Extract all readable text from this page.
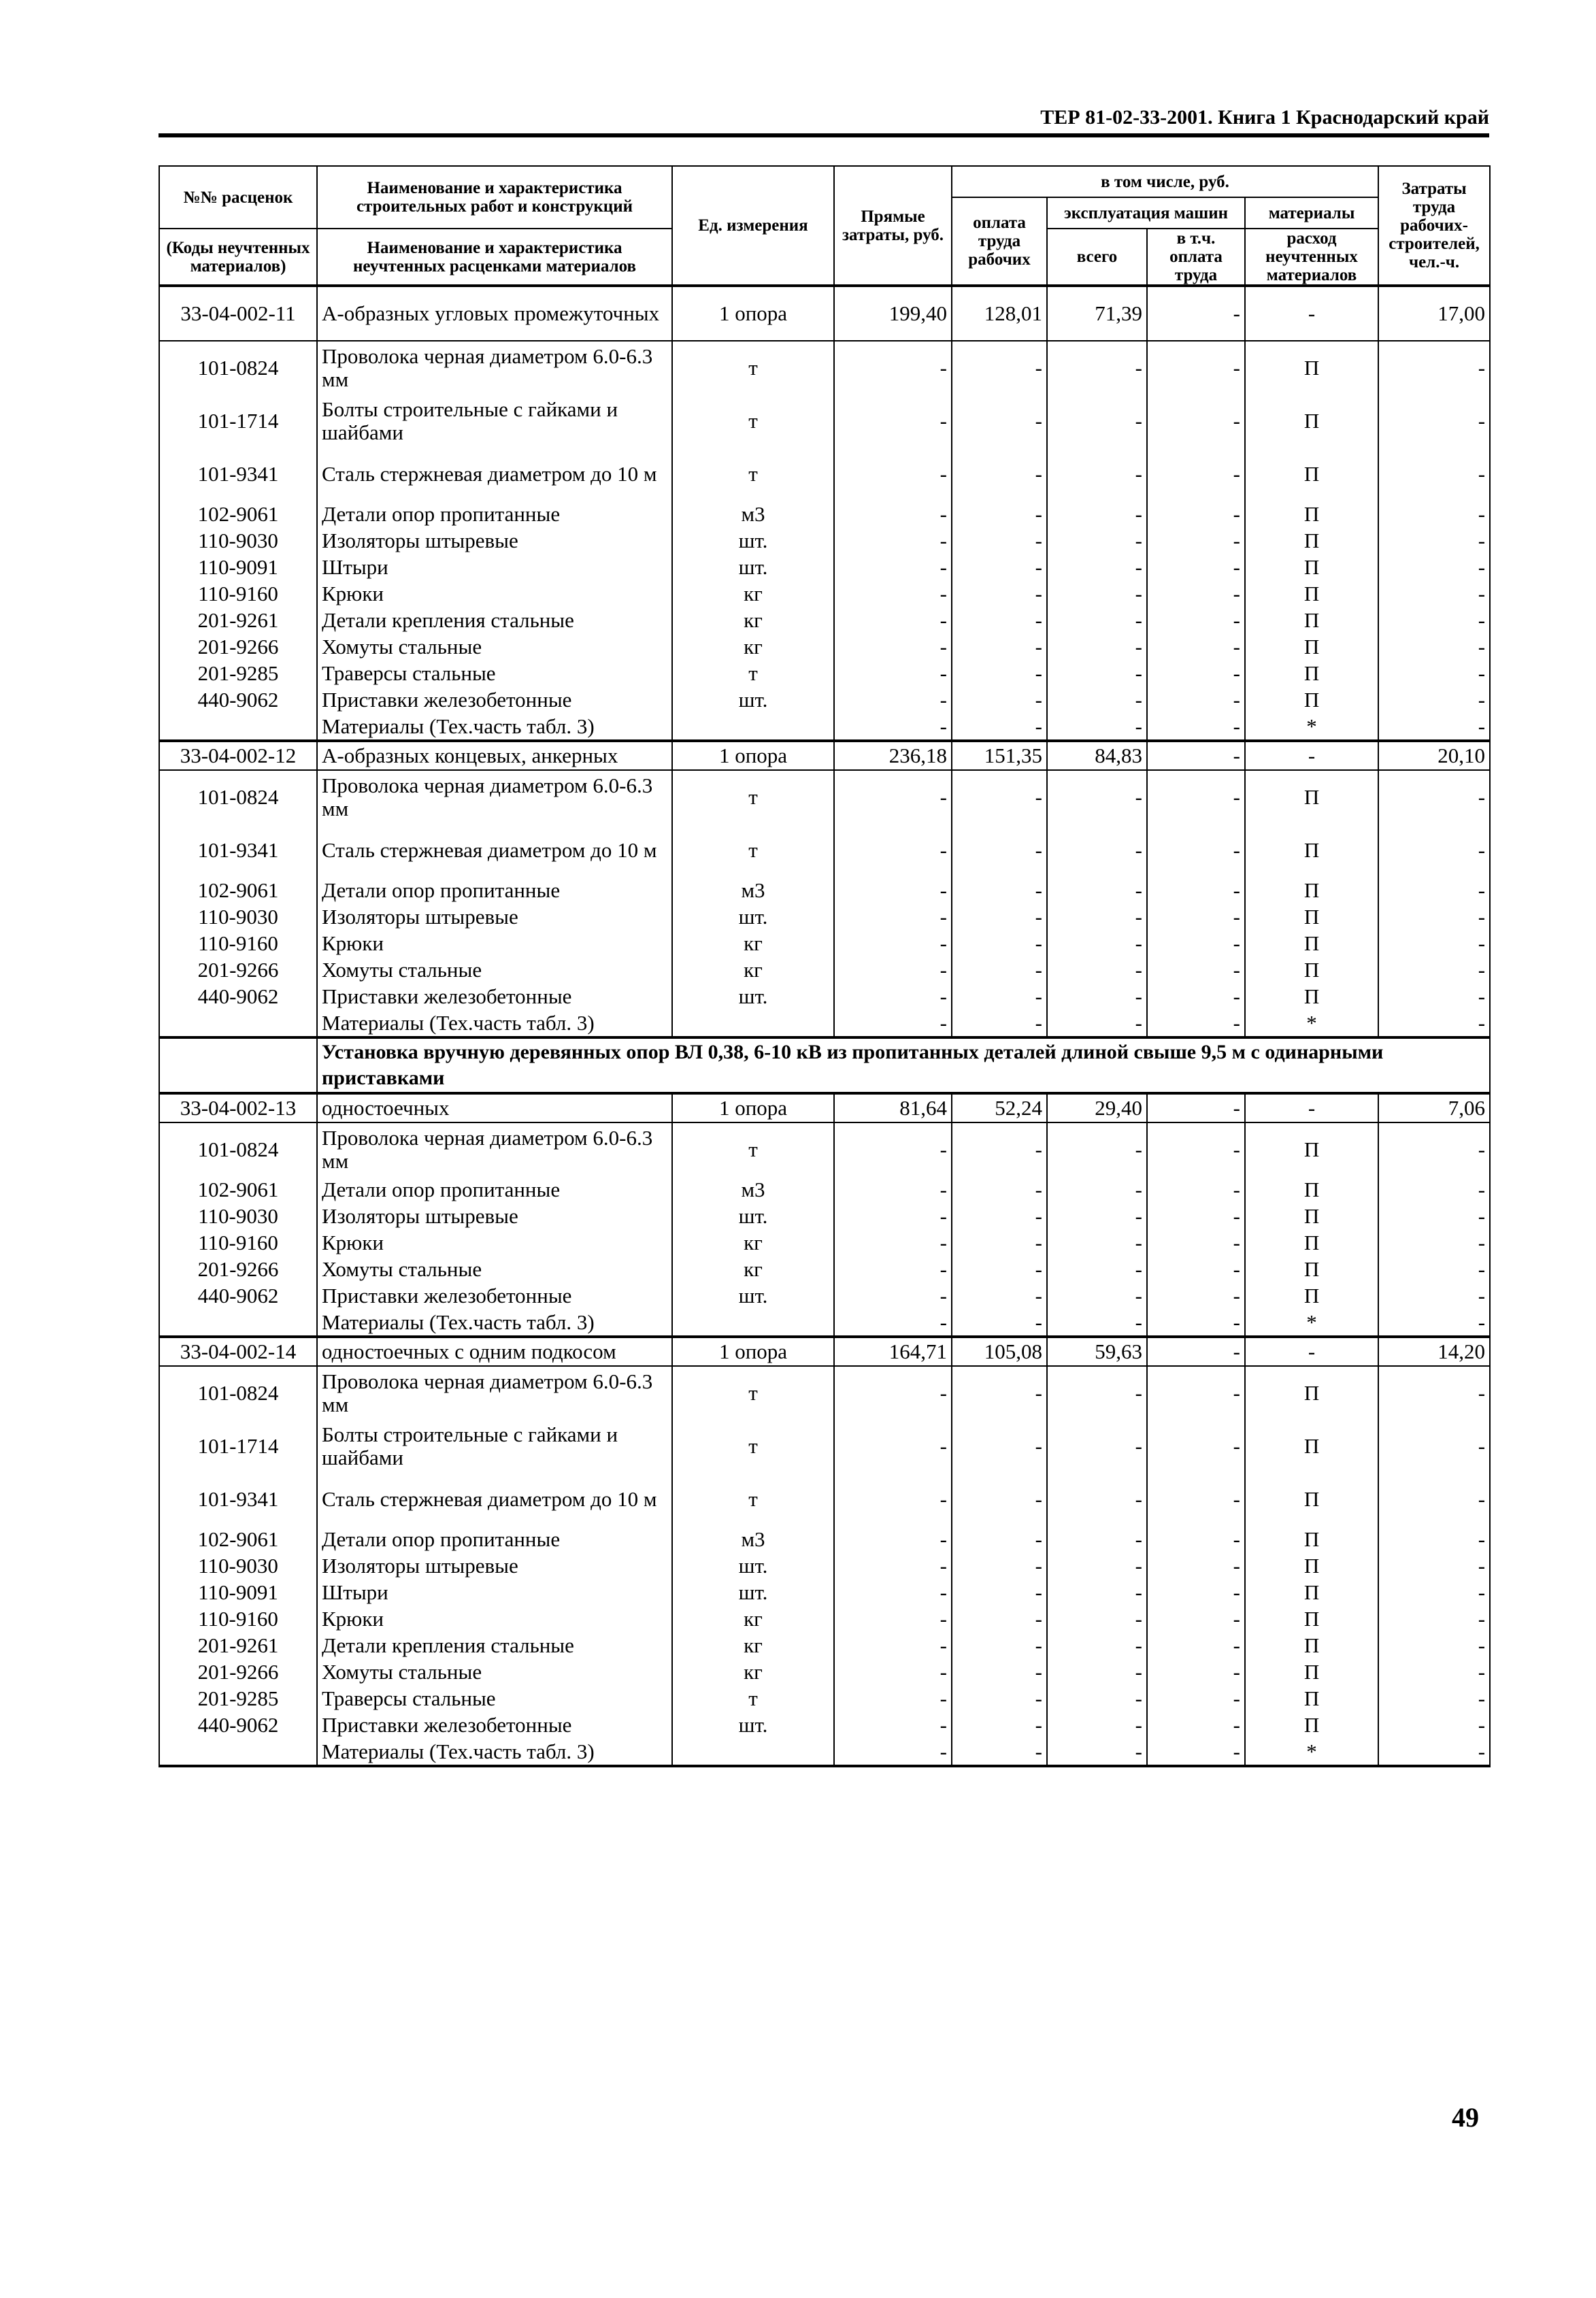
ТЕР 81-02-33-2001. Книга 1 Краснодарский край
№№ расценок	Наименование и характеристика строительных работ и конструкций	Ед. измерения	Прямые затраты, руб.	в том числе, руб.				Затраты труда рабочих-строителей, чел.-ч.
				оплата труда рабочих	эксплуатация машин		материалы	
(Коды неучтенных материалов)	Наименование и характеристика неучтенных расценками материалов				всего	в т.ч. оплата труда	расход неучтенных материалов	

33-04-002-11	А-образных угловых промежуточных	1 опора	199,40	128,01	71,39	-	-	17,00
101-0824	Проволока черная диаметром 6.0-6.3 мм	т	-	-	-	-	П	-
101-1714	Болты строительные с гайками и шайбами	т	-	-	-	-	П	-
101-9341	Сталь стержневая диаметром до 10 м	т	-	-	-	-	П	-
102-9061	Детали опор пропитанные	м3	-	-	-	-	П	-
110-9030	Изоляторы штыревые	шт.	-	-	-	-	П	-
110-9091	Штыри	шт.	-	-	-	-	П	-
110-9160	Крюки	кг	-	-	-	-	П	-
201-9261	Детали крепления стальные	кг	-	-	-	-	П	-
201-9266	Хомуты стальные	кг	-	-	-	-	П	-
201-9285	Траверсы стальные	т	-	-	-	-	П	-
440-9062	Приставки железобетонные	шт.	-	-	-	-	П	-
	Материалы (Тех.часть табл. 3)		-	-	-	-	*	-
33-04-002-12	А-образных концевых, анкерных	1 опора	236,18	151,35	84,83	-	-	20,10
101-0824	Проволока черная диаметром 6.0-6.3 мм	т	-	-	-	-	П	-
101-9341	Сталь стержневая диаметром до 10 м	т	-	-	-	-	П	-
102-9061	Детали опор пропитанные	м3	-	-	-	-	П	-
110-9030	Изоляторы штыревые	шт.	-	-	-	-	П	-
110-9160	Крюки	кг	-	-	-	-	П	-
201-9266	Хомуты стальные	кг	-	-	-	-	П	-
440-9062	Приставки железобетонные	шт.	-	-	-	-	П	-
	Материалы (Тех.часть табл. 3)		-	-	-	-	*	-
	Установка вручную деревянных опор ВЛ 0,38, 6-10 кВ из пропитанных деталей длиной свыше 9,5 м с одинарными приставками							
33-04-002-13	одностоечных	1 опора	81,64	52,24	29,40	-	-	7,06
101-0824	Проволока черная диаметром 6.0-6.3 мм	т	-	-	-	-	П	-
102-9061	Детали опор пропитанные	м3	-	-	-	-	П	-
110-9030	Изоляторы штыревые	шт.	-	-	-	-	П	-
110-9160	Крюки	кг	-	-	-	-	П	-
201-9266	Хомуты стальные	кг	-	-	-	-	П	-
440-9062	Приставки железобетонные	шт.	-	-	-	-	П	-
	Материалы (Тех.часть табл. 3)		-	-	-	-	*	-
33-04-002-14	одностоечных с одним подкосом	1 опора	164,71	105,08	59,63	-	-	14,20
101-0824	Проволока черная диаметром 6.0-6.3 мм	т	-	-	-	-	П	-
101-1714	Болты строительные с гайками и шайбами	т	-	-	-	-	П	-
101-9341	Сталь стержневая диаметром до 10 м	т	-	-	-	-	П	-
102-9061	Детали опор пропитанные	м3	-	-	-	-	П	-
110-9030	Изоляторы штыревые	шт.	-	-	-	-	П	-
110-9091	Штыри	шт.	-	-	-	-	П	-
110-9160	Крюки	кг	-	-	-	-	П	-
201-9261	Детали крепления стальные	кг	-	-	-	-	П	-
201-9266	Хомуты стальные	кг	-	-	-	-	П	-
201-9285	Траверсы стальные	т	-	-	-	-	П	-
440-9062	Приставки железобетонные	шт.	-	-	-	-	П	-
	Материалы (Тех.часть табл. 3)		-	-	-	-	*	-
49
